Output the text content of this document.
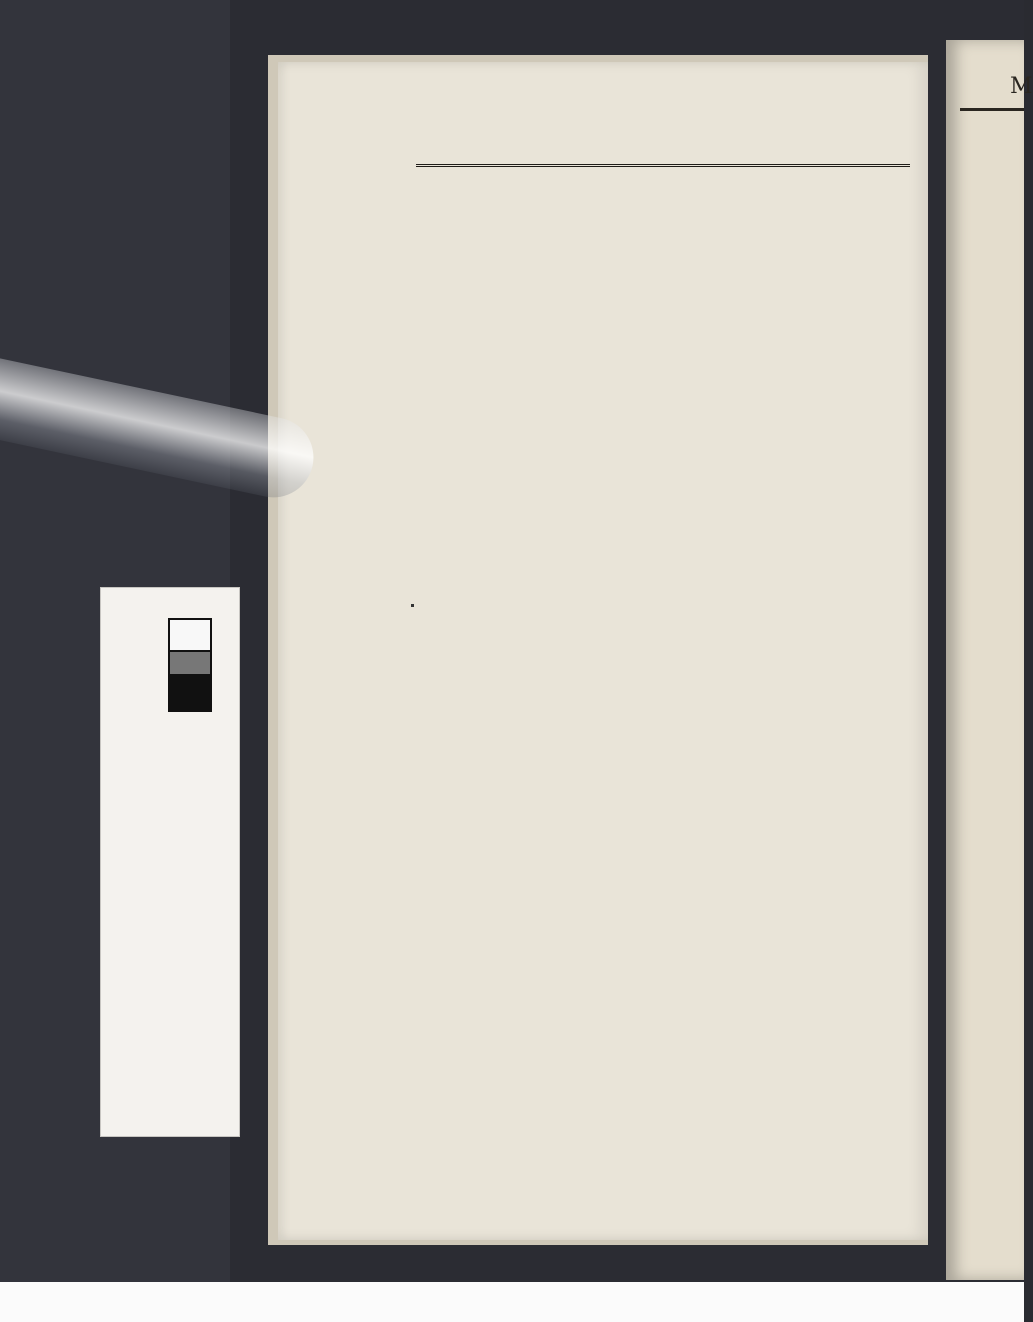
Μ
